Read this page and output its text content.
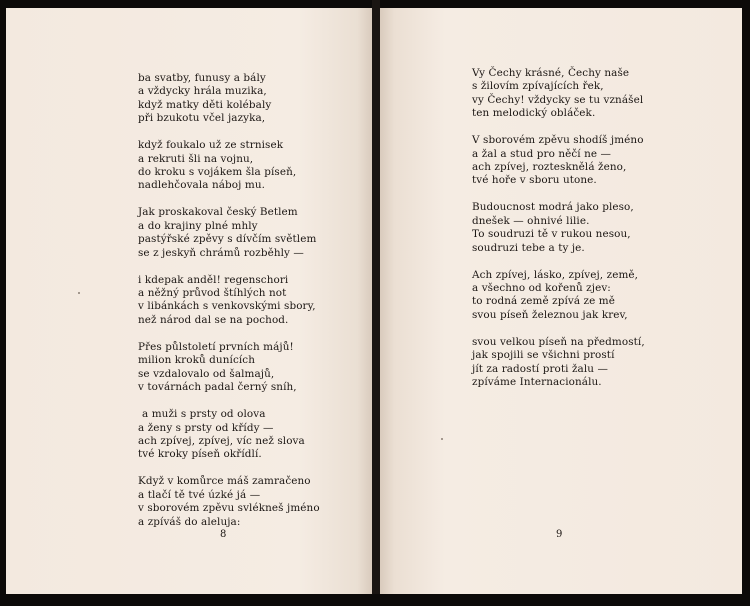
ba svatby, funusy a bály
a vždycky hrála muzika,
když matky děti kolébaly
při bzukotu včel jazyka,
když foukalo už ze strnisek
a rekruti šli na vojnu,
do kroku s vojákem šla píseň,
nadlehčovala náboj mu.
Jak proskakoval český Betlem
a do krajiny plné mhly
pastýřské zpěvy s dívčím světlem
se z jeskyň chrámů rozběhly —
i kdepak anděl! regenschori
a něžný průvod štíhlých not
v libánkách s venkovskými sbory,
než národ dal se na pochod.
Přes půlstoletí prvních májů!
milion kroků dunících
se vzdalovalo od šalmajů,
v továrnách padal černý sníh,
a muži s prsty od olova
a ženy s prsty od křídy —
ach zpívej, zpívej, víc než slova
tvé kroky píseň okřídlí.
Když v komůrce máš zamračeno
a tlačí tě tvé úzké já —
v sborovém zpěvu svlékneš jméno
a zpíváš do aleluja:
Vy Čechy krásné, Čechy naše
s žilovím zpívajících řek,
vy Čechy! vždycky se tu vznášel
ten melodický obláček.
V sborovém zpěvu shodíš jméno
a žal a stud pro něčí ne —
ach zpívej, roztesknělá ženo,
tvé hoře v sboru utone.
Budoucnost modrá jako pleso,
dnešek — ohnivé lilie.
To soudruzi tě v rukou nesou,
soudruzi tebe a ty je.
Ach zpívej, lásko, zpívej, země,
a všechno od kořenů zjev:
to rodná země zpívá ze mě
svou píseň železnou jak krev,
svou velkou píseň na předmostí,
jak spojili se všichni prostí
jít za radostí proti žalu —
zpíváme Internacionálu.
8	9
